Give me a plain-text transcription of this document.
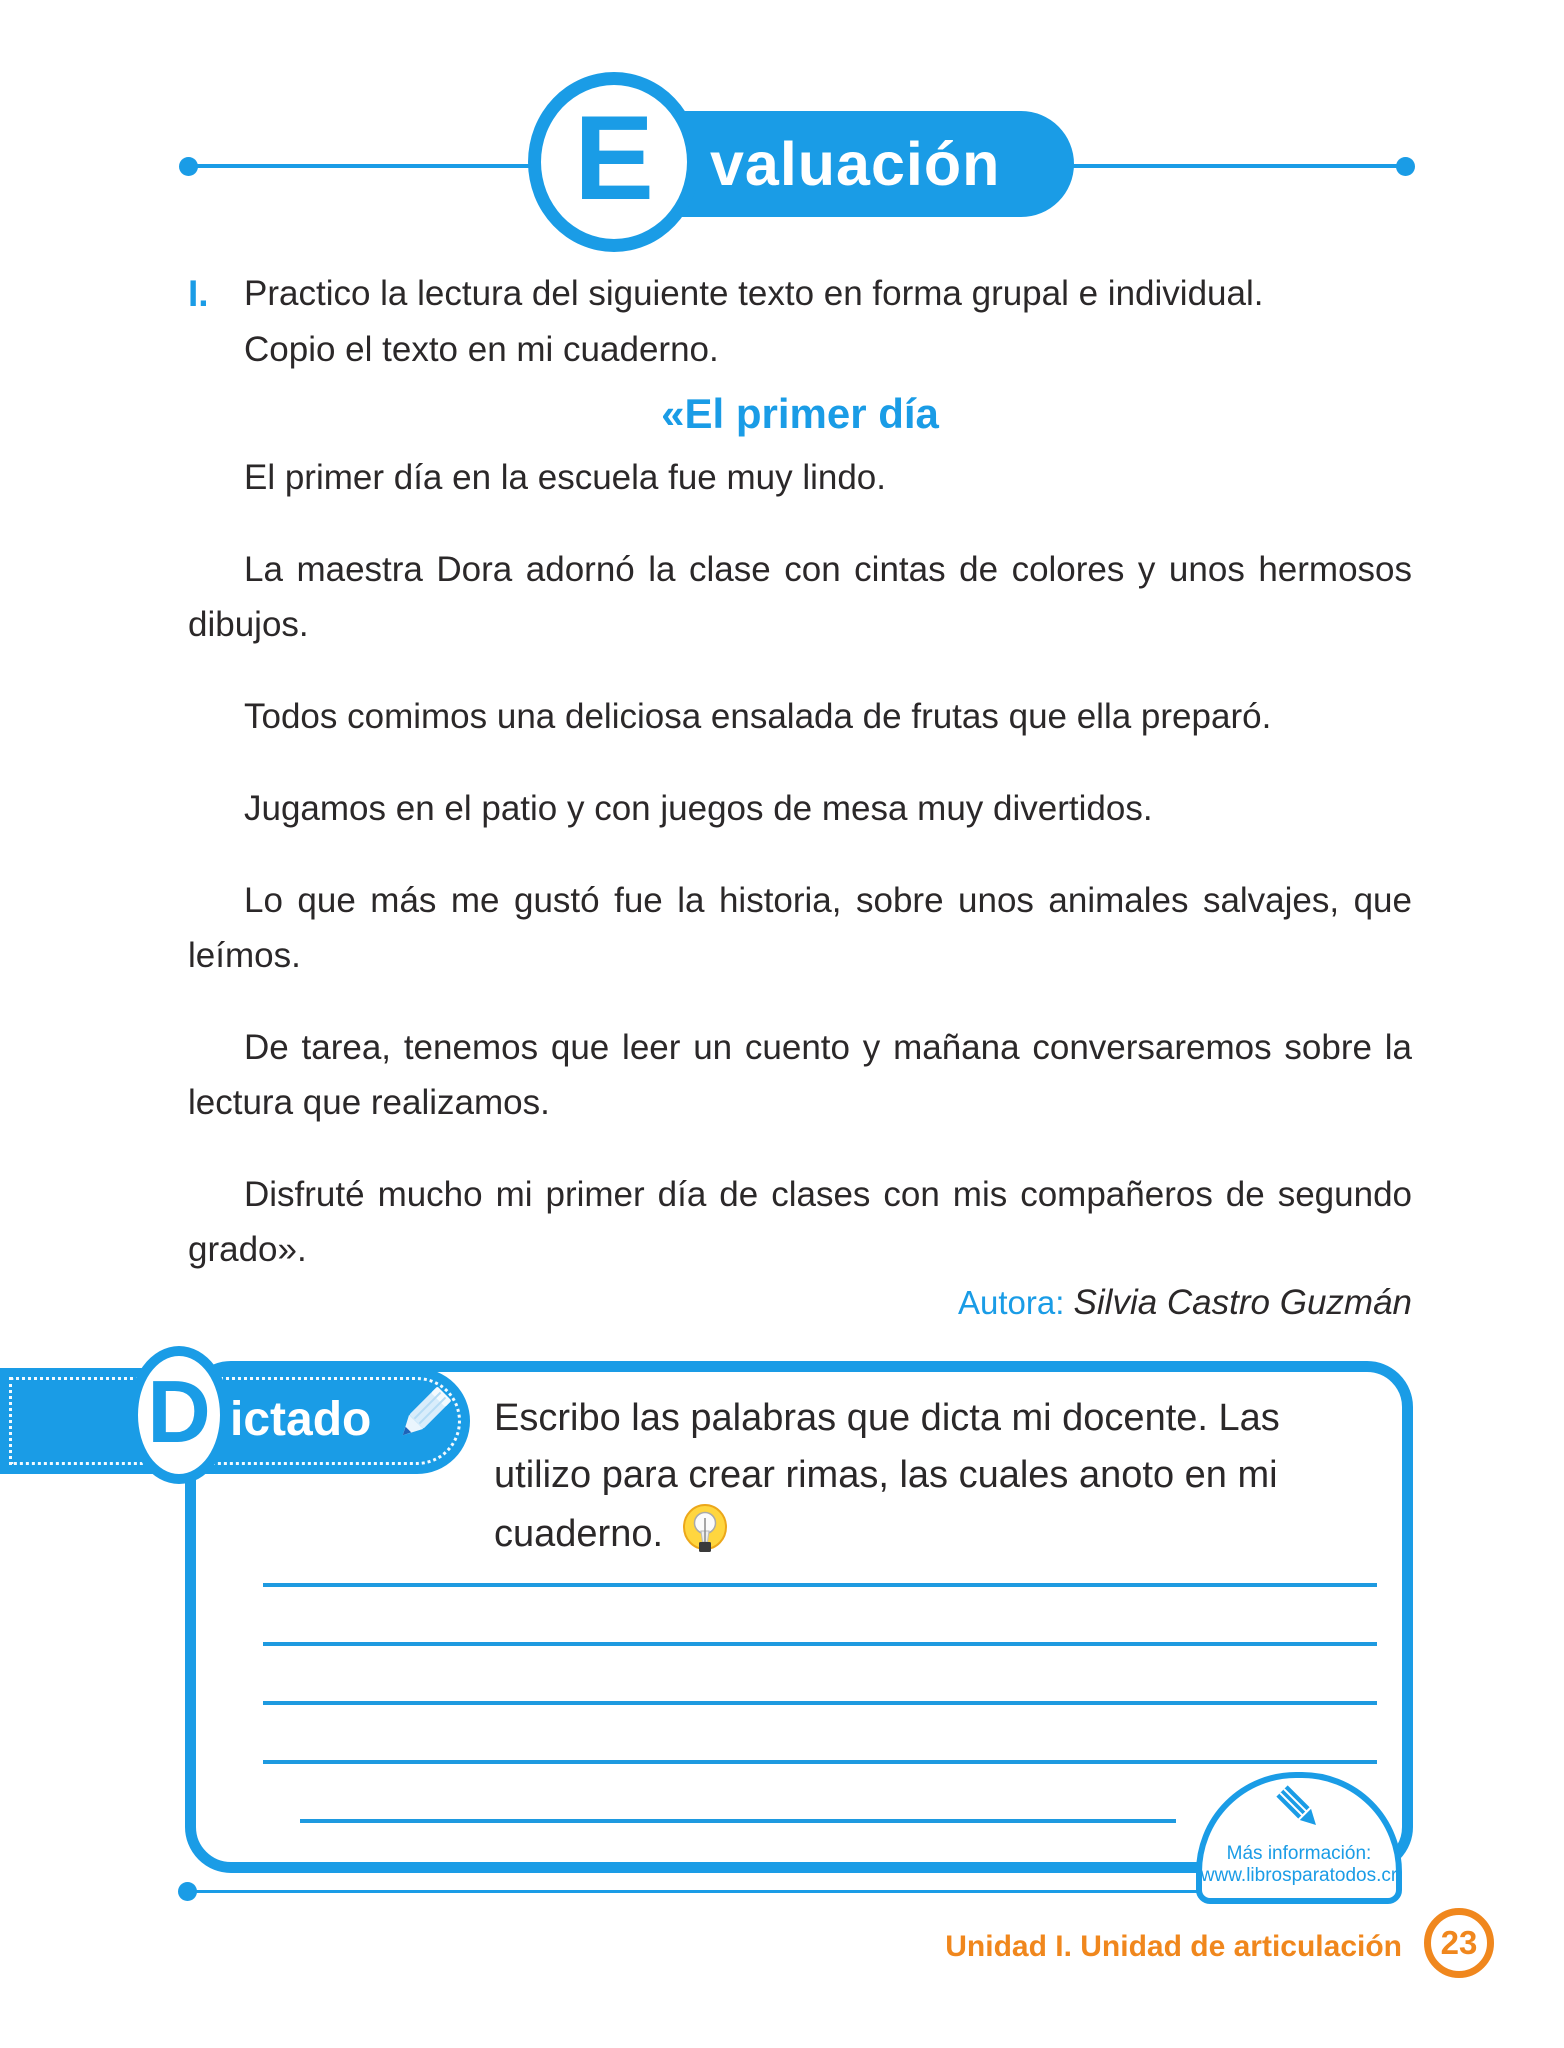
valuación
E
I.	Practico la lectura del siguiente texto en forma grupal e individual.
Copio el texto en mi cuaderno.
«El primer día

El primer día en la escuela fue muy lindo.

La maestra Dora adornó la clase con cintas de colores y unos hermosos dibujos.

Todos comimos una deliciosa ensalada de frutas que ella preparó.

Jugamos en el patio y con juegos de mesa muy divertidos.

Lo que más me gustó fue la historia, sobre unos animales salvajes, que leímos.

De tarea, tenemos que leer un cuento y mañana conversaremos sobre la lectura que realizamos.

Disfruté mucho mi primer día de clases con mis compañeros de segundo grado».

Autora: Silvia Castro Guzmán
ictado
D	Escribo las palabras que dicta mi docente. Las utilizo para crear rimas, las cuales anoto en mi cuaderno.
Más información:
www.librosparatodos.cr
Unidad I. Unidad de articulación 23
